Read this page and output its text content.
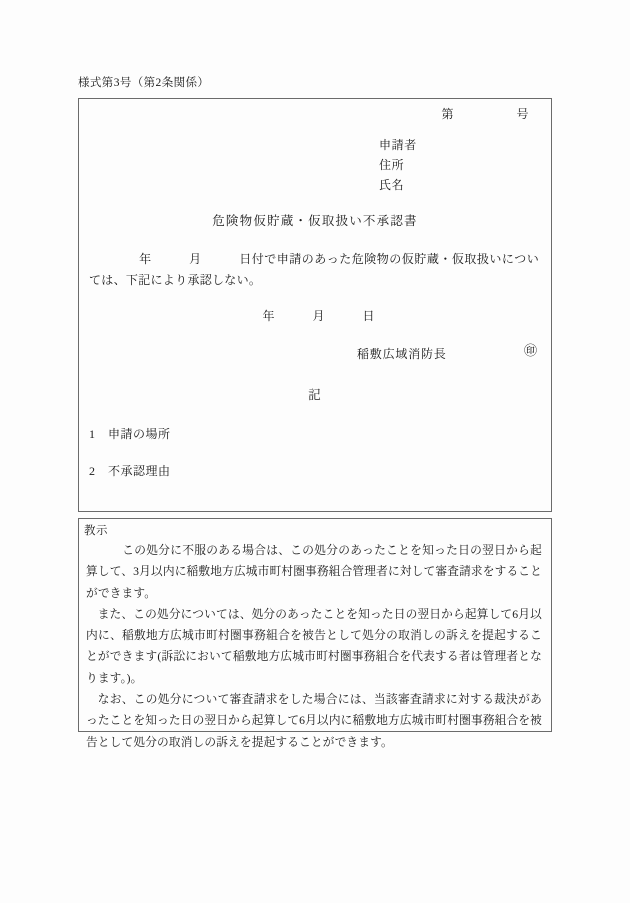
様式第3号（第2条関係）
第　　　　　号
申請者
住所
氏名
危険物仮貯蔵・仮取扱い不承認書
　　　　年　　　月　　　日付で申請のあった危険物の仮貯蔵・仮取扱いについては、下記により承認しない。
　　　年　　　月　　　日
稲敷広域消防長	㊞
記
1　 申請の場所
2　 不承認理由
教示

この処分に不服のある場合は、この処分のあったことを知った日の翌日から起算して、3月以内に稲敷地方広城市町村圏事務組合管理者に対して審査請求をすることができます。

また、この処分については、処分のあったことを知った日の翌日から起算して6月以内に、稲敷地方広城市町村圏事務組合を被告として処分の取消しの訴えを提起することができます(訴訟において稲敷地方広城市町村圏事務組合を代表する者は管理者となります。)。

なお、この処分について審査請求をした場合には、当該審査請求に対する裁決があったことを知った日の翌日から起算して6月以内に稲敷地方広城市町村圏事務組合を被告として処分の取消しの訴えを提起することができます。
